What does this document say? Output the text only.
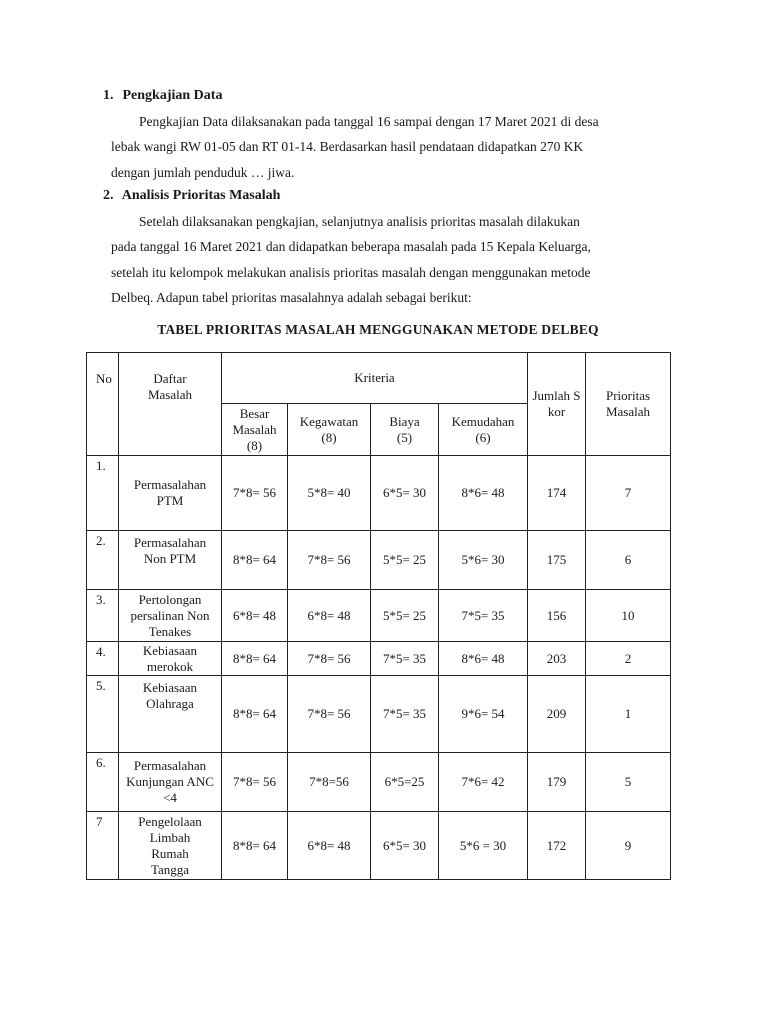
1. Pengkajian Data
Pengkajian Data dilaksanakan pada tanggal 16 sampai dengan 17 Maret 2021 di desa
lebak wangi RW 01-05 dan RT 01-14. Berdasarkan hasil pendataan didapatkan 270 KK
dengan jumlah penduduk … jiwa.
2. Analisis Prioritas Masalah
Setelah dilaksanakan pengkajian, selanjutnya analisis prioritas masalah dilakukan
pada tanggal 16 Maret 2021 dan didapatkan beberapa masalah pada 15 Kepala Keluarga,
setelah itu kelompok melakukan analisis prioritas masalah dengan menggunakan metode
Delbeq. Adapun tabel prioritas masalahnya adalah sebagai berikut:
TABEL PRIORITAS MASALAH MENGGUNAKAN METODE DELBEQ
No	Daftar Masalah	Kriteria				Jumlah Skor	Prioritas Masalah

		Besar Masalah (8)	Kegawatan (8)	Biaya (5)	Kemudahan (6)		

1.	Permasalahan PTM	7*8= 56	5*8= 40	6*5= 30	8*6= 48	174	7
2.	Permasalahan Non PTM	8*8= 64	7*8= 56	5*5= 25	5*6= 30	175	6
3.	Pertolongan persalinan Non Tenakes	6*8= 48	6*8= 48	5*5= 25	7*5= 35	156	10
4.	Kebiasaan merokok	8*8= 64	7*8= 56	7*5= 35	8*6= 48	203	2
5.	Kebiasaan Olahraga	8*8= 64	7*8= 56	7*5= 35	9*6= 54	209	1
6.	Permasalahan Kunjungan ANC <4	7*8= 56	7*8=56	6*5=25	7*6= 42	179	5
7	Pengelolaan Limbah Rumah Tangga	8*8= 64	6*8= 48	6*5= 30	5*6 = 30	172	9
